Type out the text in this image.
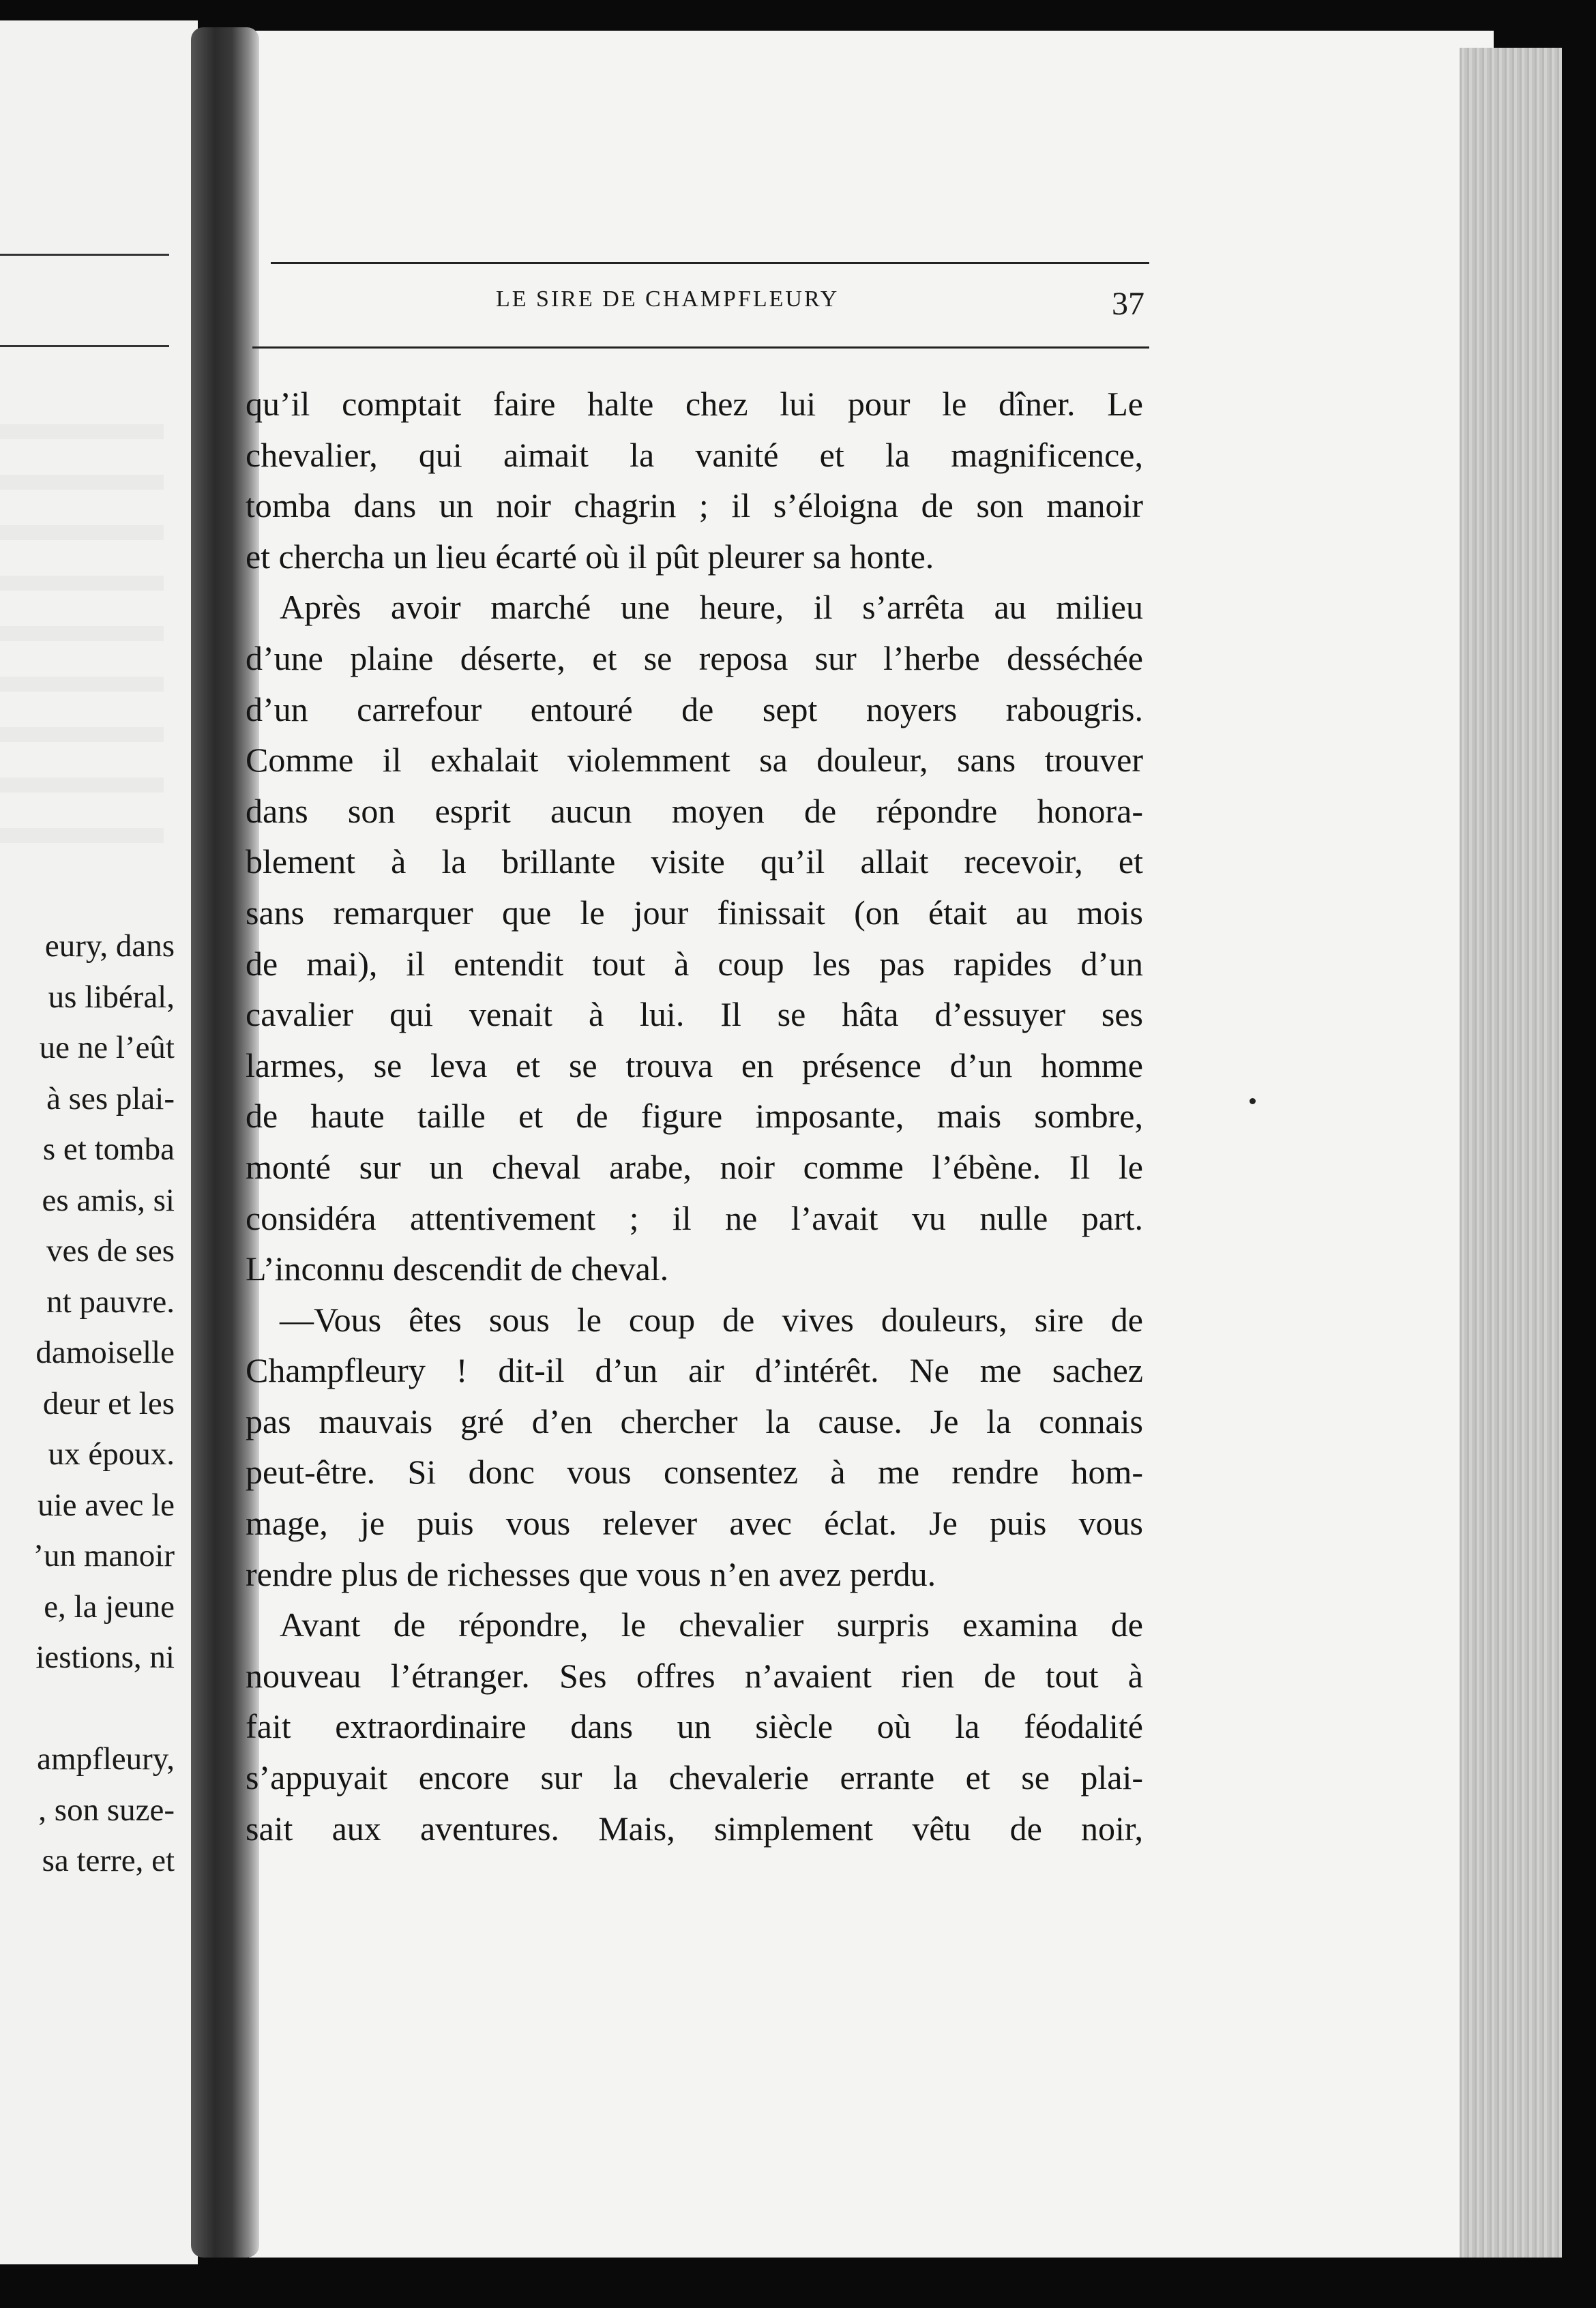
eury, dans
us libéral,
ue ne l’eût
à ses plai-
s et tomba
es amis, si
ves de ses
nt pauvre.
damoiselle
deur et les
ux époux.
uie avec le
’un manoir
e, la jeune
iestions, ni
ampfleury,
, son suze-
sa terre, et
LE SIRE DE CHAMPFLEURY	37
qu’il comptait faire halte chez lui pour le dîner. Le
chevalier, qui aimait la vanité et la magnificence,
tomba dans un noir chagrin ; il s’éloigna de son manoir
et chercha un lieu écarté où il pût pleurer sa honte.
Après avoir marché une heure, il s’arrêta au milieu
d’une plaine déserte, et se reposa sur l’herbe desséchée
d’un carrefour entouré de sept noyers rabougris.
Comme il exhalait violemment sa douleur, sans trouver
dans son esprit aucun moyen de répondre honora-
blement à la brillante visite qu’il allait recevoir, et
sans remarquer que le jour finissait (on était au mois
de mai), il entendit tout à coup les pas rapides d’un
cavalier qui venait à lui. Il se hâta d’essuyer ses
larmes, se leva et se trouva en présence d’un homme
de haute taille et de figure imposante, mais sombre,
monté sur un cheval arabe, noir comme l’ébène. Il le
considéra attentivement ; il ne l’avait vu nulle part.
L’inconnu descendit de cheval.
—Vous êtes sous le coup de vives douleurs, sire de
Champfleury ! dit-il d’un air d’intérêt. Ne me sachez
pas mauvais gré d’en chercher la cause. Je la connais
peut-être. Si donc vous consentez à me rendre hom-
mage, je puis vous relever avec éclat. Je puis vous
rendre plus de richesses que vous n’en avez perdu.
Avant de répondre, le chevalier surpris examina de
nouveau l’étranger. Ses offres n’avaient rien de tout à
fait extraordinaire dans un siècle où la féodalité
s’appuyait encore sur la chevalerie errante et se plai-
sait aux aventures. Mais, simplement vêtu de noir,
